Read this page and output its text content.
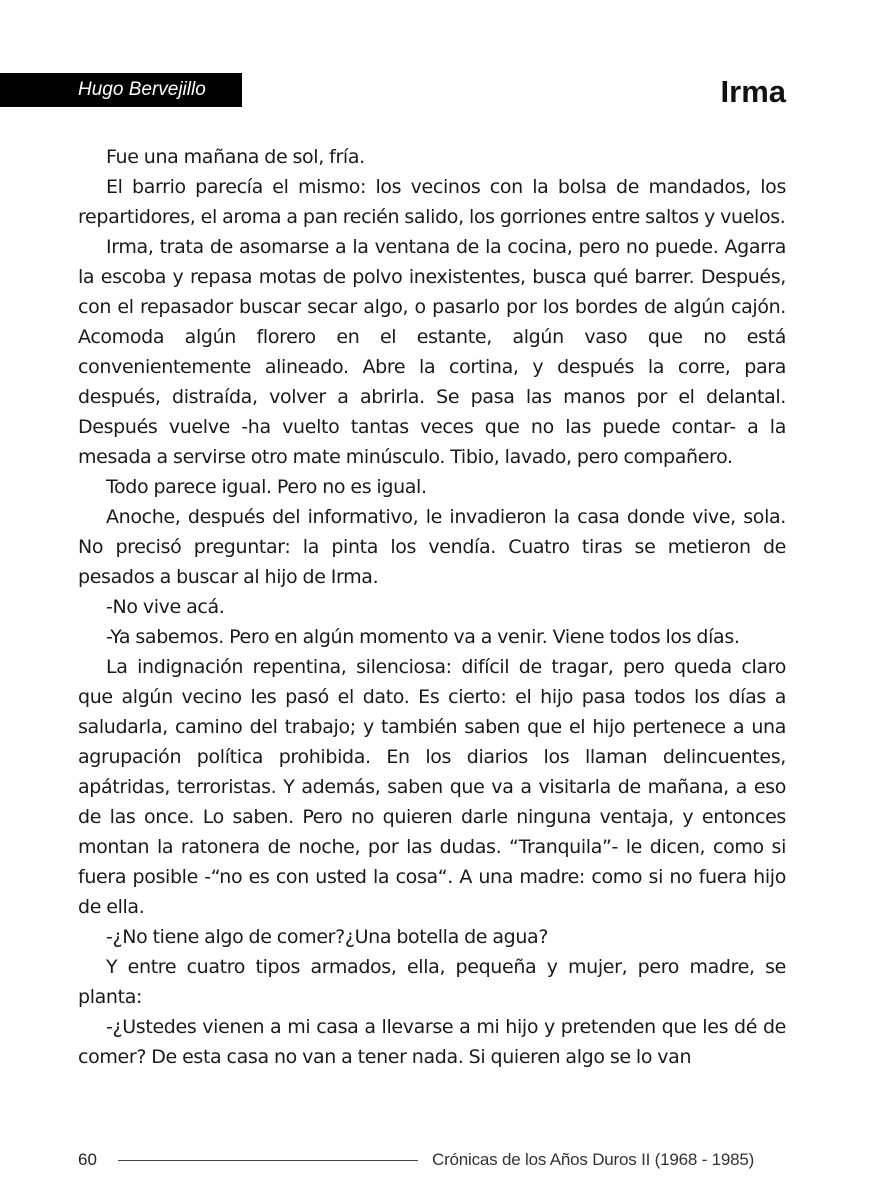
Hugo Bervejillo	Irma

Fue una mañana de sol, fría.

El barrio parecía el mismo: los vecinos con la bolsa de mandados, los repartidores, el aroma a pan recién salido, los gorriones entre saltos y vuelos.

Irma, trata de asomarse a la ventana de la cocina, pero no puede. Agarra la escoba y repasa motas de polvo inexistentes, busca qué barrer. Después, con el repasador buscar secar algo, o pasarlo por los bordes de algún cajón. Acomoda algún florero en el estante, algún vaso que no está convenientemente alineado. Abre la cortina, y después la corre, para después, distraída, volver a abrirla. Se pasa las manos por el delantal. Después vuelve -ha vuelto tantas veces que no las puede contar- a la mesada a servirse otro mate minúsculo. Tibio, lavado, pero compañero.

Todo parece igual. Pero no es igual.

Anoche, después del informativo, le invadieron la casa donde vive, sola. No precisó preguntar: la pinta los vendía. Cuatro tiras se metieron de pesados a buscar al hijo de Irma.

-No vive acá.

-Ya sabemos. Pero en algún momento va a venir. Viene todos los días.

La indignación repentina, silenciosa: difícil de tragar, pero queda claro que algún vecino les pasó el dato. Es cierto: el hijo pasa todos los días a saludarla, camino del trabajo; y también saben que el hijo pertenece a una agrupación política prohibida. En los diarios los llaman delincuentes, apátridas, terroristas. Y además, saben que va a visitarla de mañana, a eso de las once. Lo saben. Pero no quieren darle ninguna ventaja, y entonces montan la ratonera de noche, por las dudas. “Tranquila”- le dicen, como si fuera posible -“no es con usted la cosa“. A una madre: como si no fuera hijo de ella.

-¿No tiene algo de comer?¿Una botella de agua?

Y entre cuatro tipos armados, ella, pequeña y mujer, pero madre, se planta:

-¿Ustedes vienen a mi casa a llevarse a mi hijo y pretenden que les dé de comer? De esta casa no van a tener nada. Si quieren algo se lo van

60	Crónicas de los Años Duros II (1968 - 1985)
